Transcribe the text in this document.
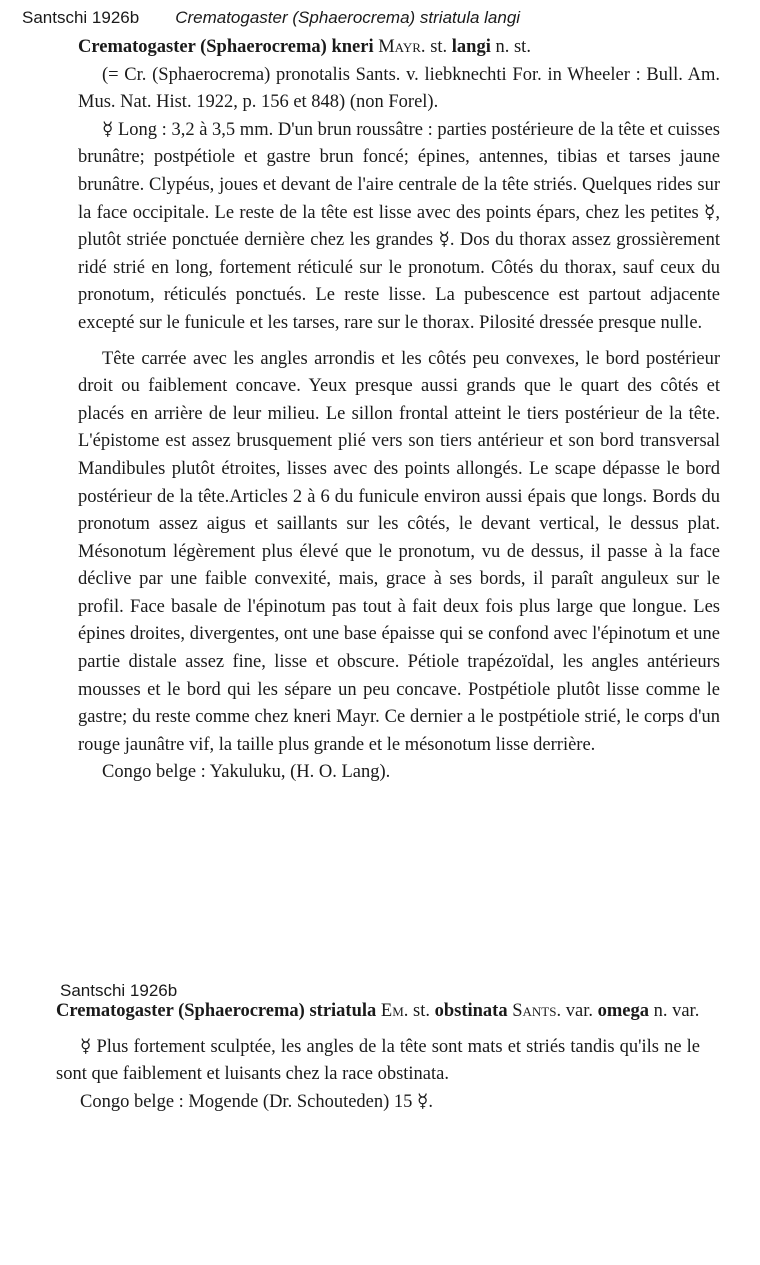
Santschi 1926b Crematogaster (Sphaerocrema) striatula langi

Crematogaster (Sphaerocrema) kneri Mayr. st. langi n. st.

(= Cr. (Sphaerocrema) pronotalis Sants. v. liebknechti For. in Wheeler : Bull. Am. Mus. Nat. Hist. 1922, p. 156 et 848) (non Forel).

☿ Long : 3,2 à 3,5 mm. D'un brun roussâtre : parties postérieure de la tête et cuisses brunâtre; postpétiole et gastre brun foncé; épines, antennes, tibias et tarses jaune brunâtre. Clypéus, joues et devant de l'aire centrale de la tête striés. Quelques rides sur la face occipitale. Le reste de la tête est lisse avec des points épars, chez les petites ☿, plutôt striée ponctuée dernière chez les grandes ☿. Dos du thorax assez grossièrement ridé strié en long, fortement réticulé sur le pronotum. Côtés du thorax, sauf ceux du pronotum, réticulés ponctués. Le reste lisse. La pubescence est partout adjacente excepté sur le funicule et les tarses, rare sur le thorax. Pilosité dressée presque nulle.

Tête carrée avec les angles arrondis et les côtés peu convexes, le bord postérieur droit ou faiblement concave. Yeux presque aussi grands que le quart des côtés et placés en arrière de leur milieu. Le sillon frontal atteint le tiers postérieur de la tête. L'épistome est assez brusquement plié vers son tiers antérieur et son bord transversal Mandibules plutôt étroites, lisses avec des points allongés. Le scape dépasse le bord postérieur de la tête.Articles 2 à 6 du funicule environ aussi épais que longs. Bords du pronotum assez aigus et saillants sur les côtés, le devant vertical, le dessus plat. Mésonotum légèrement plus élevé que le pronotum, vu de dessus, il passe à la face déclive par une faible convexité, mais, grace à ses bords, il paraît anguleux sur le profil. Face basale de l'épinotum pas tout à fait deux fois plus large que longue. Les épines droites, divergentes, ont une base épaisse qui se confond avec l'épinotum et une partie distale assez fine, lisse et obscure. Pétiole trapézoïdal, les angles antérieurs mousses et le bord qui les sépare un peu concave. Postpétiole plutôt lisse comme le gastre; du reste comme chez kneri Mayr. Ce dernier a le postpétiole strié, le corps d'un rouge jaunâtre vif, la taille plus grande et le mésonotum lisse derrière.

Congo belge : Yakuluku, (H. O. Lang).

Santschi 1926b

Crematogaster (Sphaerocrema) striatula Em. st. obstinata Sants. var. omega n. var.

☿ Plus fortement sculptée, les angles de la tête sont mats et striés tandis qu'ils ne le sont que faiblement et luisants chez la race obstinata.

Congo belge : Mogende (Dr. Schouteden) 15 ☿.
